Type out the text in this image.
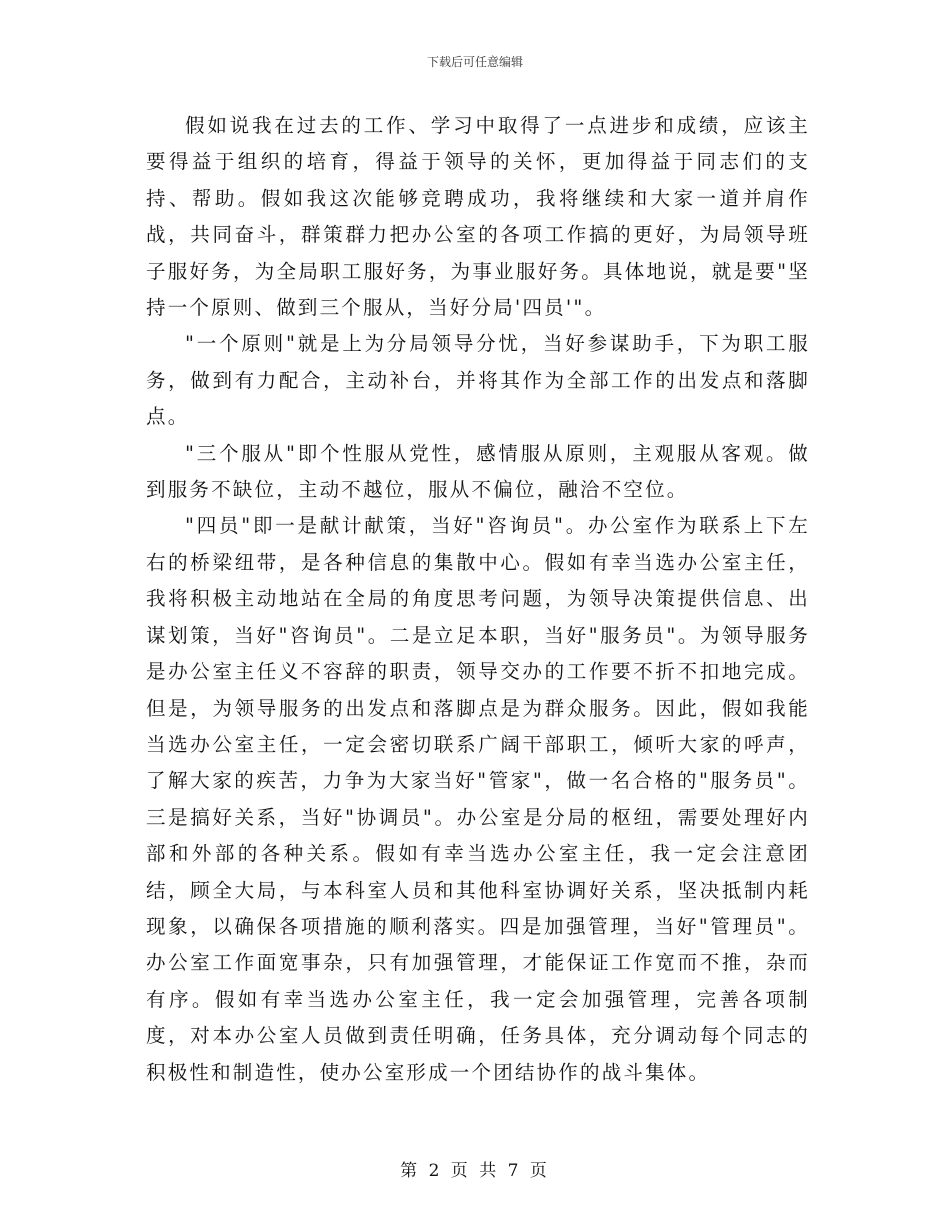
下载后可任意编辑

假如说我在过去的工作、学习中取得了一点进步和成绩，应该主要得益于组织的培育，得益于领导的关怀，更加得益于同志们的支持、帮助。假如我这次能够竞聘成功，我将继续和大家一道并肩作战，共同奋斗，群策群力把办公室的各项工作搞的更好，为局领导班子服好务，为全局职工服好务，为事业服好务。具体地说，就是要"坚持一个原则、做到三个服从，当好分局'四员'"。

"一个原则"就是上为分局领导分忧，当好参谋助手，下为职工服务，做到有力配合，主动补台，并将其作为全部工作的出发点和落脚点。

"三个服从"即个性服从党性，感情服从原则，主观服从客观。做到服务不缺位，主动不越位，服从不偏位，融洽不空位。

"四员"即一是献计献策，当好"咨询员"。办公室作为联系上下左右的桥梁纽带，是各种信息的集散中心。假如有幸当选办公室主任，我将积极主动地站在全局的角度思考问题，为领导决策提供信息、出谋划策，当好"咨询员"。二是立足本职，当好"服务员"。为领导服务是办公室主任义不容辞的职责，领导交办的工作要不折不扣地完成。但是，为领导服务的出发点和落脚点是为群众服务。因此，假如我能当选办公室主任，一定会密切联系广阔干部职工，倾听大家的呼声，了解大家的疾苦，力争为大家当好"管家"，做一名合格的"服务员"。三是搞好关系，当好"协调员"。办公室是分局的枢纽，需要处理好内部和外部的各种关系。假如有幸当选办公室主任，我一定会注意团结，顾全大局，与本科室人员和其他科室协调好关系，坚决抵制内耗现象，以确保各项措施的顺利落实。四是加强管理，当好"管理员"。办公室工作面宽事杂，只有加强管理，才能保证工作宽而不推，杂而有序。假如有幸当选办公室主任，我一定会加强管理，完善各项制度，对本办公室人员做到责任明确，任务具体，充分调动每个同志的积极性和制造性，使办公室形成一个团结协作的战斗集体。

第 2 页 共 7 页
